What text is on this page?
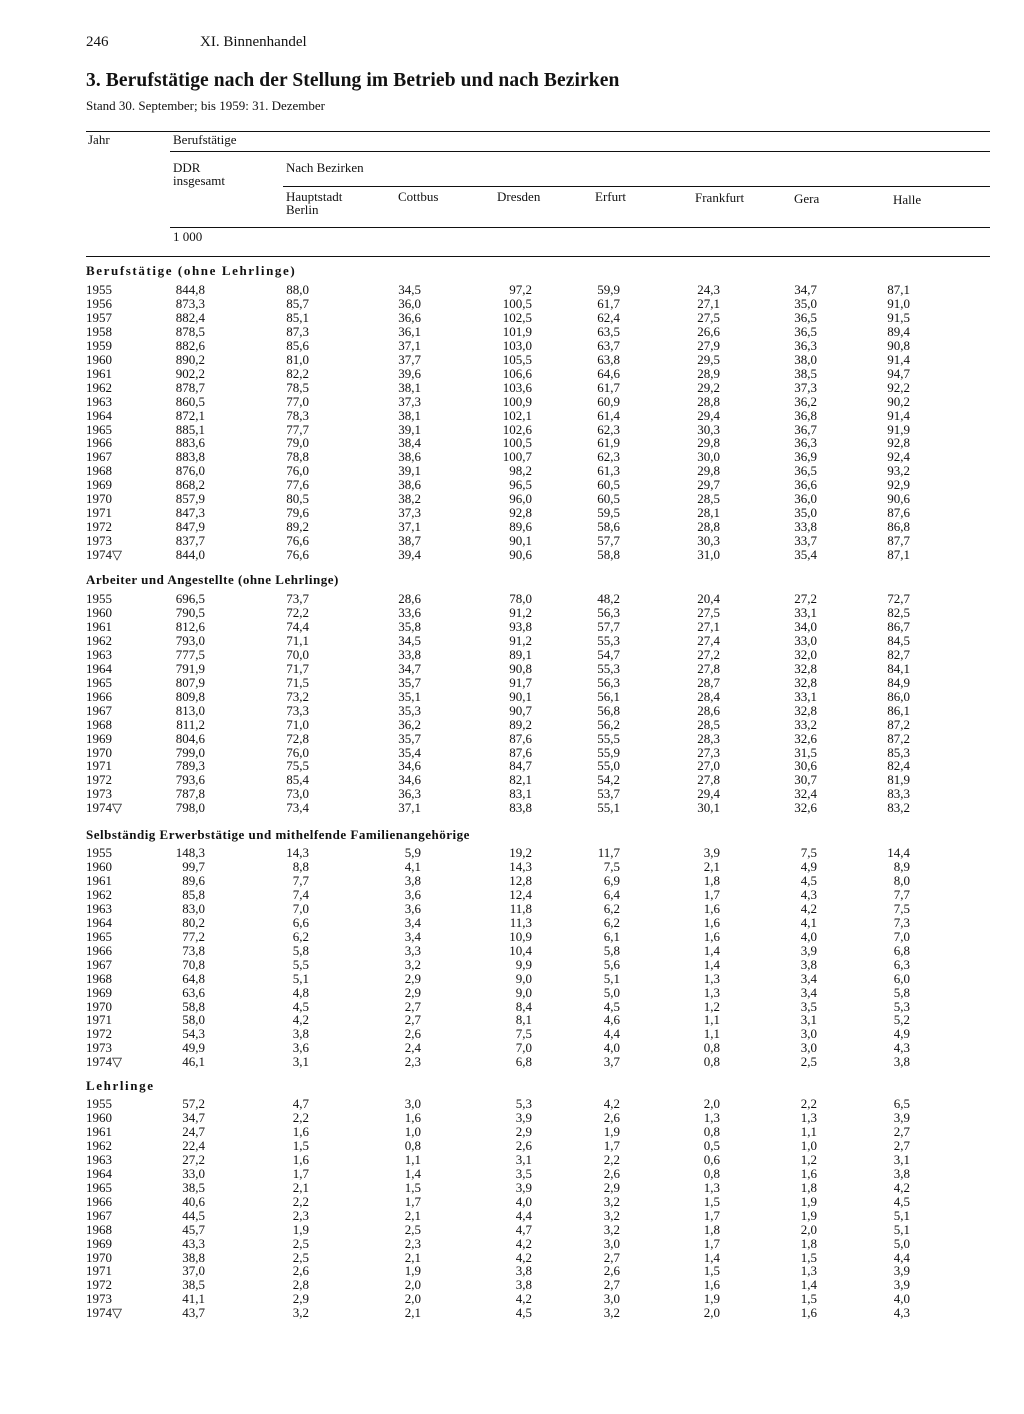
246	XI. Binnenhandel
3. Berufstätige nach der Stellung im Betrieb und nach Bezirken
Stand 30. September; bis 1959: 31. Dezember
Jahr	Berufstätige
DDR
insgesamt
Nach Bezirken
Hauptstadt Berlin
Cottbus	Dresden	Erfurt	Frankfurt	Gera	Halle
1 000
Berufstätige (ohne Lehrlinge)
Arbeiter und Angestellte (ohne Lehrlinge)
Selbständig Erwerbstätige und mithelfende Familienangehörige
Lehrlinge
1955	844,8	88,0	34,5	97,2	59,9	24,3	34,7	87,1
1956	873,3	85,7	36,0	100,5	61,7	27,1	35,0	91,0
1957	882,4	85,1	36,6	102,5	62,4	27,5	36,5	91,5
1958	878,5	87,3	36,1	101,9	63,5	26,6	36,5	89,4
1959	882,6	85,6	37,1	103,0	63,7	27,9	36,3	90,8
1960	890,2	81,0	37,7	105,5	63,8	29,5	38,0	91,4
1961	902,2	82,2	39,6	106,6	64,6	28,9	38,5	94,7
1962	878,7	78,5	38,1	103,6	61,7	29,2	37,3	92,2
1963	860,5	77,0	37,3	100,9	60,9	28,8	36,2	90,2
1964	872,1	78,3	38,1	102,1	61,4	29,4	36,8	91,4
1965	885,1	77,7	39,1	102,6	62,3	30,3	36,7	91,9
1966	883,6	79,0	38,4	100,5	61,9	29,8	36,3	92,8
1967	883,8	78,8	38,6	100,7	62,3	30,0	36,9	92,4
1968	876,0	76,0	39,1	98,2	61,3	29,8	36,5	93,2
1969	868,2	77,6	38,6	96,5	60,5	29,7	36,6	92,9
1970	857,9	80,5	38,2	96,0	60,5	28,5	36,0	90,6
1971	847,3	79,6	37,3	92,8	59,5	28,1	35,0	87,6
1972	847,9	89,2	37,1	89,6	58,6	28,8	33,8	86,8
1973	837,7	76,6	38,7	90,1	57,7	30,3	33,7	87,7
1974▽	844,0	76,6	39,4	90,6	58,8	31,0	35,4	87,1
1955	696,5	73,7	28,6	78,0	48,2	20,4	27,2	72,7
1960	790,5	72,2	33,6	91,2	56,3	27,5	33,1	82,5
1961	812,6	74,4	35,8	93,8	57,7	27,1	34,0	86,7
1962	793,0	71,1	34,5	91,2	55,3	27,4	33,0	84,5
1963	777,5	70,0	33,8	89,1	54,7	27,2	32,0	82,7
1964	791,9	71,7	34,7	90,8	55,3	27,8	32,8	84,1
1965	807,9	71,5	35,7	91,7	56,3	28,7	32,8	84,9
1966	809,8	73,2	35,1	90,1	56,1	28,4	33,1	86,0
1967	813,0	73,3	35,3	90,7	56,8	28,6	32,8	86,1
1968	811,2	71,0	36,2	89,2	56,2	28,5	33,2	87,2
1969	804,6	72,8	35,7	87,6	55,5	28,3	32,6	87,2
1970	799,0	76,0	35,4	87,6	55,9	27,3	31,5	85,3
1971	789,3	75,5	34,6	84,7	55,0	27,0	30,6	82,4
1972	793,6	85,4	34,6	82,1	54,2	27,8	30,7	81,9
1973	787,8	73,0	36,3	83,1	53,7	29,4	32,4	83,3
1974▽	798,0	73,4	37,1	83,8	55,1	30,1	32,6	83,2
1955	148,3	14,3	5,9	19,2	11,7	3,9	7,5	14,4
1960	99,7	8,8	4,1	14,3	7,5	2,1	4,9	8,9
1961	89,6	7,7	3,8	12,8	6,9	1,8	4,5	8,0
1962	85,8	7,4	3,6	12,4	6,4	1,7	4,3	7,7
1963	83,0	7,0	3,6	11,8	6,2	1,6	4,2	7,5
1964	80,2	6,6	3,4	11,3	6,2	1,6	4,1	7,3
1965	77,2	6,2	3,4	10,9	6,1	1,6	4,0	7,0
1966	73,8	5,8	3,3	10,4	5,8	1,4	3,9	6,8
1967	70,8	5,5	3,2	9,9	5,6	1,4	3,8	6,3
1968	64,8	5,1	2,9	9,0	5,1	1,3	3,4	6,0
1969	63,6	4,8	2,9	9,0	5,0	1,3	3,4	5,8
1970	58,8	4,5	2,7	8,4	4,5	1,2	3,5	5,3
1971	58,0	4,2	2,7	8,1	4,6	1,1	3,1	5,2
1972	54,3	3,8	2,6	7,5	4,4	1,1	3,0	4,9
1973	49,9	3,6	2,4	7,0	4,0	0,8	3,0	4,3
1974▽	46,1	3,1	2,3	6,8	3,7	0,8	2,5	3,8
1955	57,2	4,7	3,0	5,3	4,2	2,0	2,2	6,5
1960	34,7	2,2	1,6	3,9	2,6	1,3	1,3	3,9
1961	24,7	1,6	1,0	2,9	1,9	0,8	1,1	2,7
1962	22,4	1,5	0,8	2,6	1,7	0,5	1,0	2,7
1963	27,2	1,6	1,1	3,1	2,2	0,6	1,2	3,1
1964	33,0	1,7	1,4	3,5	2,6	0,8	1,6	3,8
1965	38,5	2,1	1,5	3,9	2,9	1,3	1,8	4,2
1966	40,6	2,2	1,7	4,0	3,2	1,5	1,9	4,5
1967	44,5	2,3	2,1	4,4	3,2	1,7	1,9	5,1
1968	45,7	1,9	2,5	4,7	3,2	1,8	2,0	5,1
1969	43,3	2,5	2,3	4,2	3,0	1,7	1,8	5,0
1970	38,8	2,5	2,1	4,2	2,7	1,4	1,5	4,4
1971	37,0	2,6	1,9	3,8	2,6	1,5	1,3	3,9
1972	38,5	2,8	2,0	3,8	2,7	1,6	1,4	3,9
1973	41,1	2,9	2,0	4,2	3,0	1,9	1,5	4,0
1974▽	43,7	3,2	2,1	4,5	3,2	2,0	1,6	4,3
